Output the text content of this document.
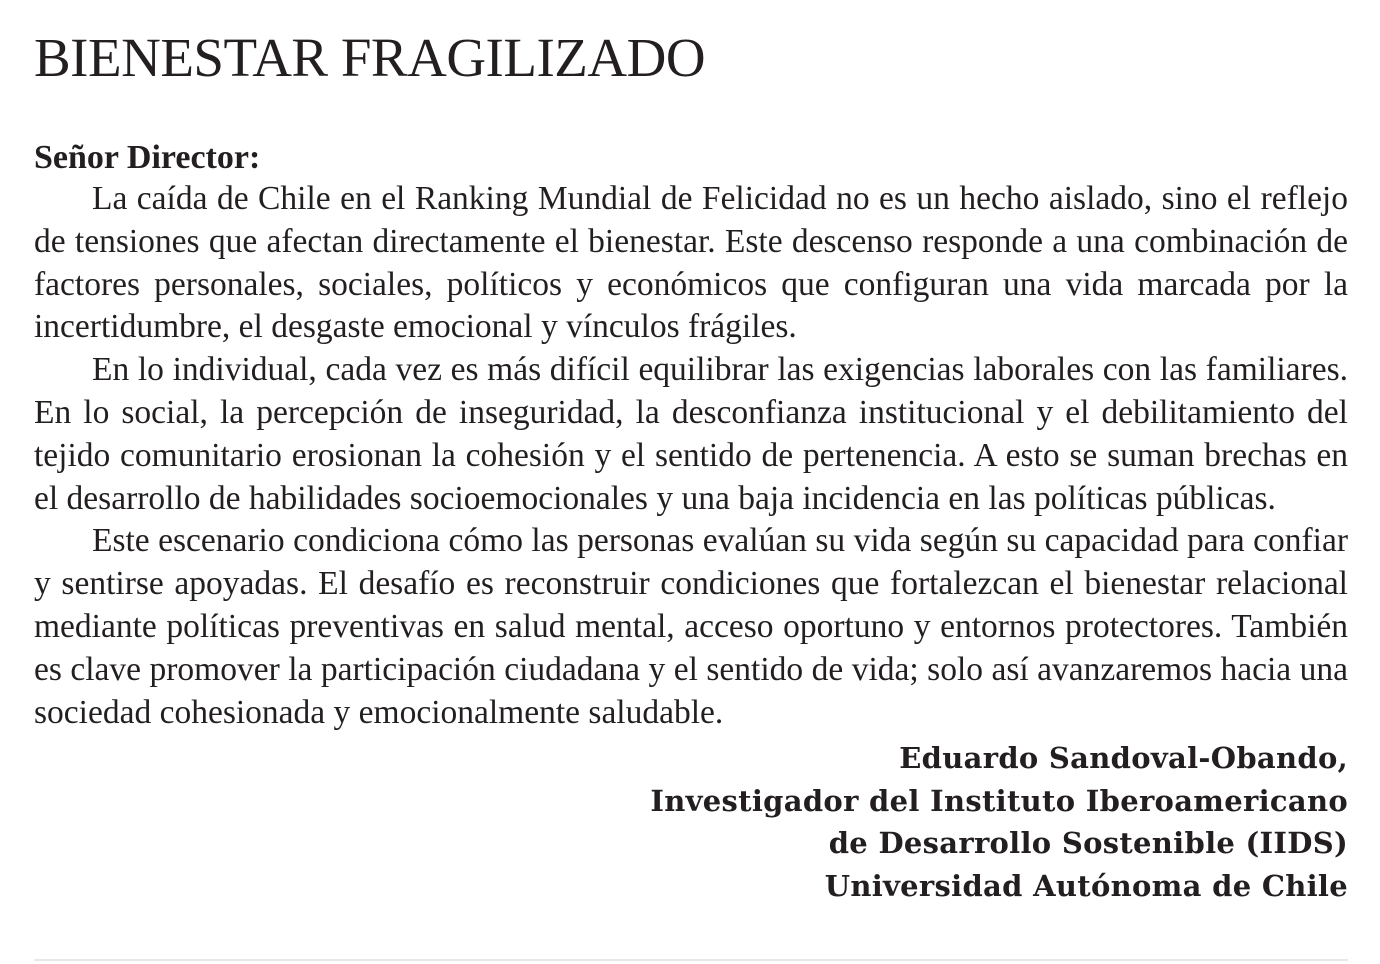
BIENESTAR FRAGILIZADO
Señor Director:

La caída de Chile en el Ranking Mundial de Felicidad no es un hecho aislado, sino el reflejo de tensiones que afectan directamente el bienestar. Este descenso responde a una combinación de factores personales, sociales, políticos y económicos que configuran una vida marcada por la incertidumbre, el desgaste emocional y vínculos frágiles.

En lo individual, cada vez es más difícil equilibrar las exigencias laborales con las familiares. En lo social, la percepción de inseguridad, la desconfianza institucional y el debilitamiento del tejido comunitario erosionan la cohesión y el sentido de pertenencia. A esto se suman brechas en el desarrollo de habilidades socioemocionales y una baja incidencia en las políticas públicas.

Este escenario condiciona cómo las personas evalúan su vida según su capacidad para confiar y sentirse apoyadas. El desafío es reconstruir condiciones que fortalezcan el bienestar relacional mediante políticas preventivas en salud mental, acceso oportuno y entornos protectores. También es clave promover la participación ciudadana y el sentido de vida; solo así avanzaremos hacia una sociedad cohesionada y emocionalmente saludable.

Eduardo Sandoval-Obando,
Investigador del Instituto Iberoamericano
de Desarrollo Sostenible (IIDS)
Universidad Autónoma de Chile
